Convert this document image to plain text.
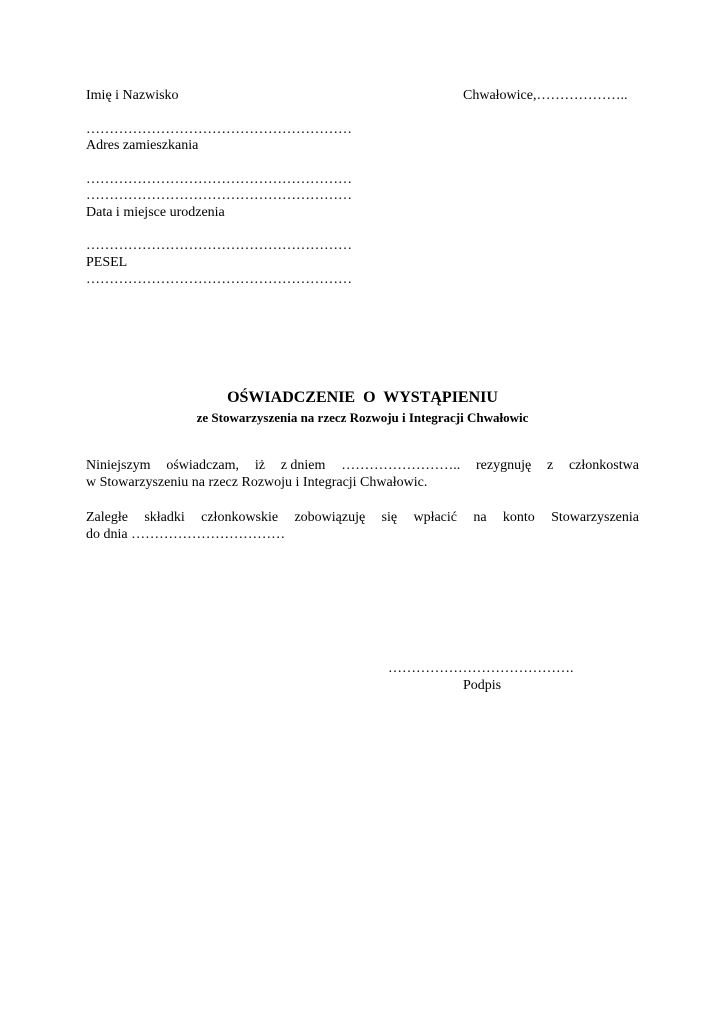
Imię i Nazwisko	Chwałowice,………………..
…………………………………………………
Adres zamieszkania
…………………………………………………
…………………………………………………
Data i miejsce urodzenia
…………………………………………………
PESEL
…………………………………………………
OŚWIADCZENIE O WYSTĄPIENIU
ze Stowarzyszenia na rzecz Rozwoju i Integracji Chwałowic
Niniejszym oświadczam, iż z dniem …………………….. rezygnuję z członkostwa
w Stowarzyszeniu na rzecz Rozwoju i Integracji Chwałowic.
Zaległe składki członkowskie zobowiązuję się wpłacić na konto Stowarzyszenia
do dnia ……………………………
………………………………….
Podpis
